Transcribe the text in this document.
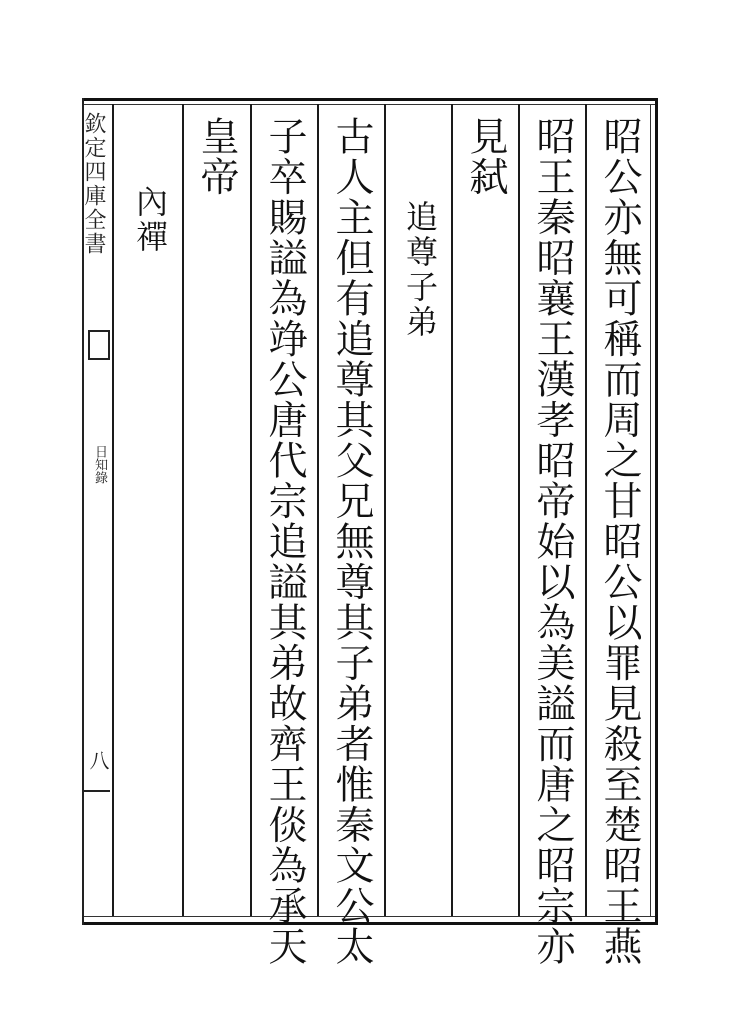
欽定四庫全書
日知錄
八	昭公亦無可稱而周之甘昭公以罪見殺至楚昭王燕
昭王秦昭襄王漢孝昭帝始以為美謚而唐之昭宗亦
見弑
追尊子弟
古人主但有追尊其父兄無尊其子弟者惟秦文公太
子卒賜謚為竫公唐代宗追謚其弟故齊王倓為承天
皇帝
內禪
